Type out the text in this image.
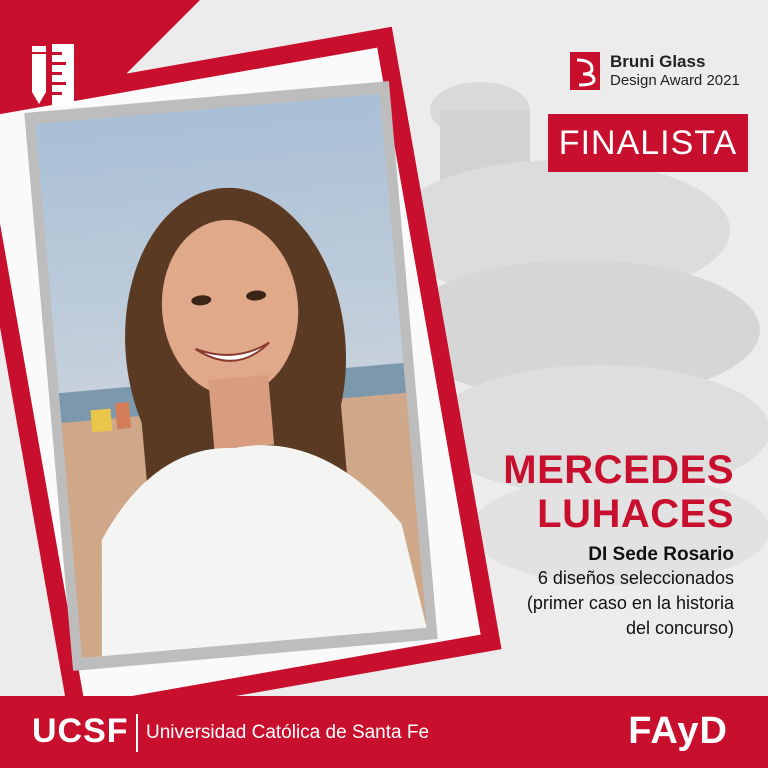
Bruni Glass
Design Award 2021
FINALISTA
MERCEDES
LUHACES
DI Sede Rosario
6 diseños seleccionados
(primer caso en la historia
del concurso)
UCSF Universidad Católica de Santa Fe	FAyD
